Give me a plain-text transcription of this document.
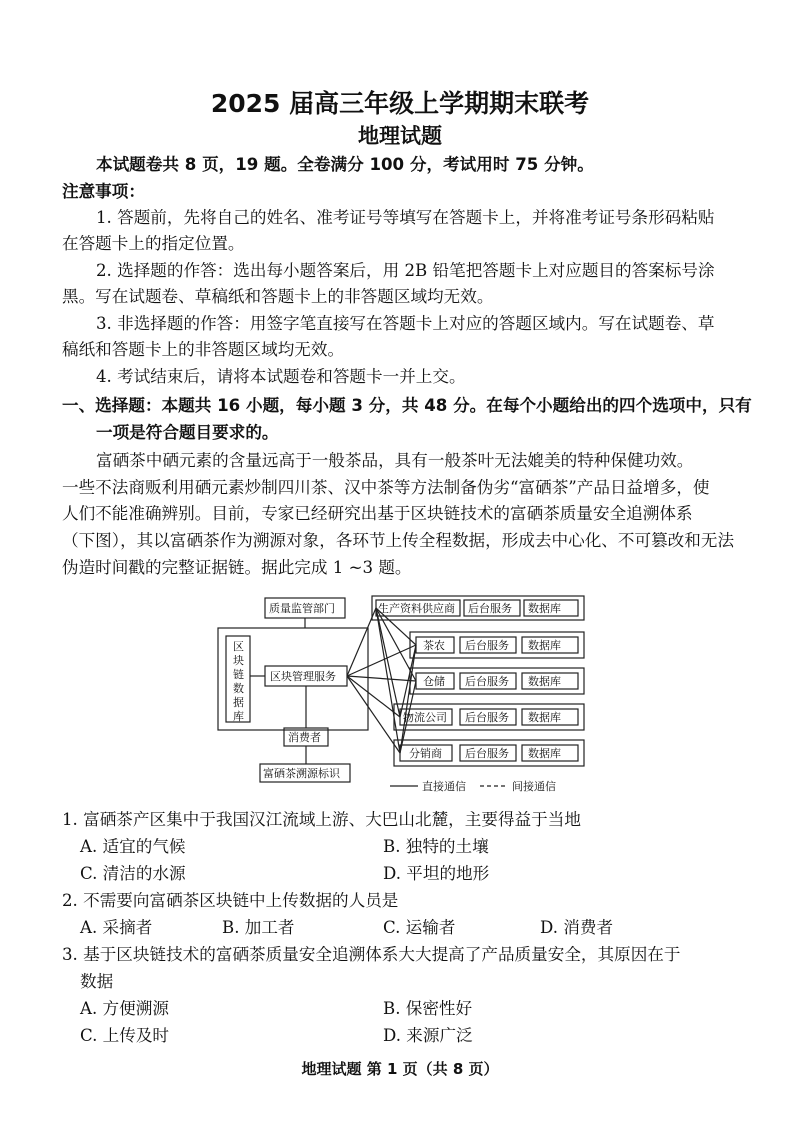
2025 届高三年级上学期期末联考
地理试题
本试题卷共 8 页，19 题。全卷满分 100 分，考试用时 75 分钟。
注意事项：
1. 答题前，先将自己的姓名、准考证号等填写在答题卡上，并将准考证号条形码粘贴
在答题卡上的指定位置。
2. 选择题的作答：选出每小题答案后，用 2B 铅笔把答题卡上对应题目的答案标号涂
黑。写在试题卷、草稿纸和答题卡上的非答题区域均无效。
3. 非选择题的作答：用签字笔直接写在答题卡上对应的答题区域内。写在试题卷、草
稿纸和答题卡上的非答题区域均无效。
4. 考试结束后，请将本试题卷和答题卡一并上交。
一、选择题：本题共 16 小题，每小题 3 分，共 48 分。在每个小题给出的四个选项中，只有
一项是符合题目要求的。
富硒茶中硒元素的含量远高于一般茶品，具有一般茶叶无法媲美的特种保健功效。
一些不法商贩利用硒元素炒制四川茶、汉中茶等方法制备伪劣“富硒茶”产品日益增多，使
人们不能准确辨别。目前，专家已经研究出基于区块链技术的富硒茶质量安全追溯体系
（下图），其以富硒茶作为溯源对象，各环节上传全程数据，形成去中心化、不可篡改和无法
伪造时间戳的完整证据链。据此完成 1 ~3 题。
区
块
链
数
据
库
质量监管部门
区块管理服务
消费者
富硒茶溯源标识
生产资料供应商 后台服务 数据库
茶农 后台服务 数据库
仓储 后台服务 数据库
物流公司 后台服务 数据库
分销商 后台服务 数据库
直接通信	间接通信
1. 富硒茶产区集中于我国汉江流域上游、大巴山北麓，主要得益于当地
A. 适宜的气候	B. 独特的土壤
C. 清洁的水源	D. 平坦的地形
2. 不需要向富硒茶区块链中上传数据的人员是
A. 采摘者	B. 加工者	C. 运输者	D. 消费者
3. 基于区块链技术的富硒茶质量安全追溯体系大大提高了产品质量安全，其原因在于
数据
A. 方便溯源	B. 保密性好
C. 上传及时	D. 来源广泛
地理试题 第 1 页（共 8 页）
